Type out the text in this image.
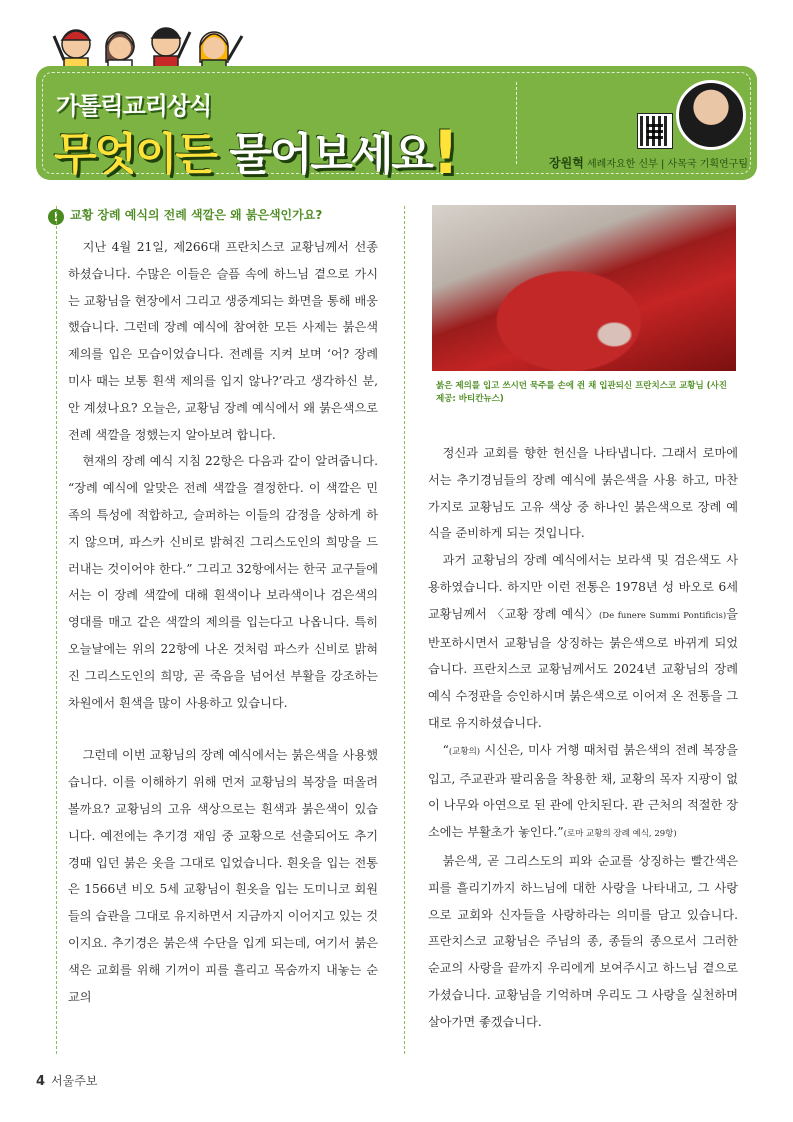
가톨릭교리상식
무엇이든 물어보세요!	장원혁 세례자요한 신부 | 사목국 기획연구팀
! 교황 장례 예식의 전례 색깔은 왜 붉은색인가요?

지난 4월 21일, 제266대 프란치스코 교황님께서 선종하셨습니다. 수많은 이들은 슬픔 속에 하느님 곁으로 가시는 교황님을 현장에서 그리고 생중계되는 화면을 통해 배웅했습니다. 그런데 장례 예식에 참여한 모든 사제는 붉은색 제의를 입은 모습이었습니다. 전례를 지켜 보며 ‘어? 장례 미사 때는 보통 흰색 제의를 입지 않나?’라고 생각하신 분, 안 계셨나요? 오늘은, 교황님 장례 예식에서 왜 붉은색으로 전례 색깔을 정했는지 알아보려 합니다.

현재의 장례 예식 지침 22항은 다음과 같이 알려줍니다. “장례 예식에 알맞은 전례 색깔을 결정한다. 이 색깔은 민족의 특성에 적합하고, 슬퍼하는 이들의 감정을 상하게 하지 않으며, 파스카 신비로 밝혀진 그리스도인의 희망을 드러내는 것이어야 한다.” 그리고 32항에서는 한국 교구들에서는 이 장례 색깔에 대해 흰색이나 보라색이나 검은색의 영대를 매고 같은 색깔의 제의를 입는다고 나옵니다. 특히 오늘날에는 위의 22항에 나온 것처럼 파스카 신비로 밝혀진 그리스도인의 희망, 곧 죽음을 넘어선 부활을 강조하는 차원에서 흰색을 많이 사용하고 있습니다.

그런데 이번 교황님의 장례 예식에서는 붉은색을 사용했습니다. 이를 이해하기 위해 먼저 교황님의 복장을 떠올려 볼까요? 교황님의 고유 색상으로는 흰색과 붉은색이 있습니다. 예전에는 추기경 재임 중 교황으로 선출되어도 추기경때 입던 붉은 옷을 그대로 입었습니다. 흰옷을 입는 전통은 1566년 비오 5세 교황님이 흰옷을 입는 도미니코 회원들의 습관을 그대로 유지하면서 지금까지 이어지고 있는 것이지요. 추기경은 붉은색 수단을 입게 되는데, 여기서 붉은색은 교회를 위해 기꺼이 피를 흘리고 목숨까지 내놓는 순교의

붉은 제의를 입고 쓰시던 묵주를 손에 쥔 채 입관되신 프란치스코 교황님 (사진 제공: 바티칸뉴스)

정신과 교회를 향한 헌신을 나타냅니다. 그래서 로마에서는 추기경님들의 장례 예식에 붉은색을 사용 하고, 마찬가지로 교황님도 고유 색상 중 하나인 붉은색으로 장례 예식을 준비하게 되는 것입니다.

과거 교황님의 장례 예식에서는 보라색 및 검은색도 사용하였습니다. 하지만 이런 전통은 1978년 성 바오로 6세 교황님께서 〈교황 장례 예식〉(De funere Summi Pontificis)을 반포하시면서 교황님을 상징하는 붉은색으로 바뀌게 되었습니다. 프란치스코 교황님께서도 2024년 교황님의 장례 예식 수정판을 승인하시며 붉은색으로 이어져 온 전통을 그대로 유지하셨습니다.

“(교황의) 시신은, 미사 거행 때처럼 붉은색의 전례 복장을 입고, 주교관과 팔리움을 착용한 채, 교황의 목자 지팡이 없이 나무와 아연으로 된 관에 안치된다. 관 근처의 적절한 장소에는 부활초가 놓인다.”(로마 교황의 장례 예식, 29항)

붉은색, 곧 그리스도의 피와 순교를 상징하는 빨간색은 피를 흘리기까지 하느님에 대한 사랑을 나타내고, 그 사랑으로 교회와 신자들을 사랑하라는 의미를 담고 있습니다. 프란치스코 교황님은 주님의 종, 종들의 종으로서 그러한 순교의 사랑을 끝까지 우리에게 보여주시고 하느님 곁으로 가셨습니다. 교황님을 기억하며 우리도 그 사랑을 실천하며 살아가면 좋겠습니다.

4 서울주보
